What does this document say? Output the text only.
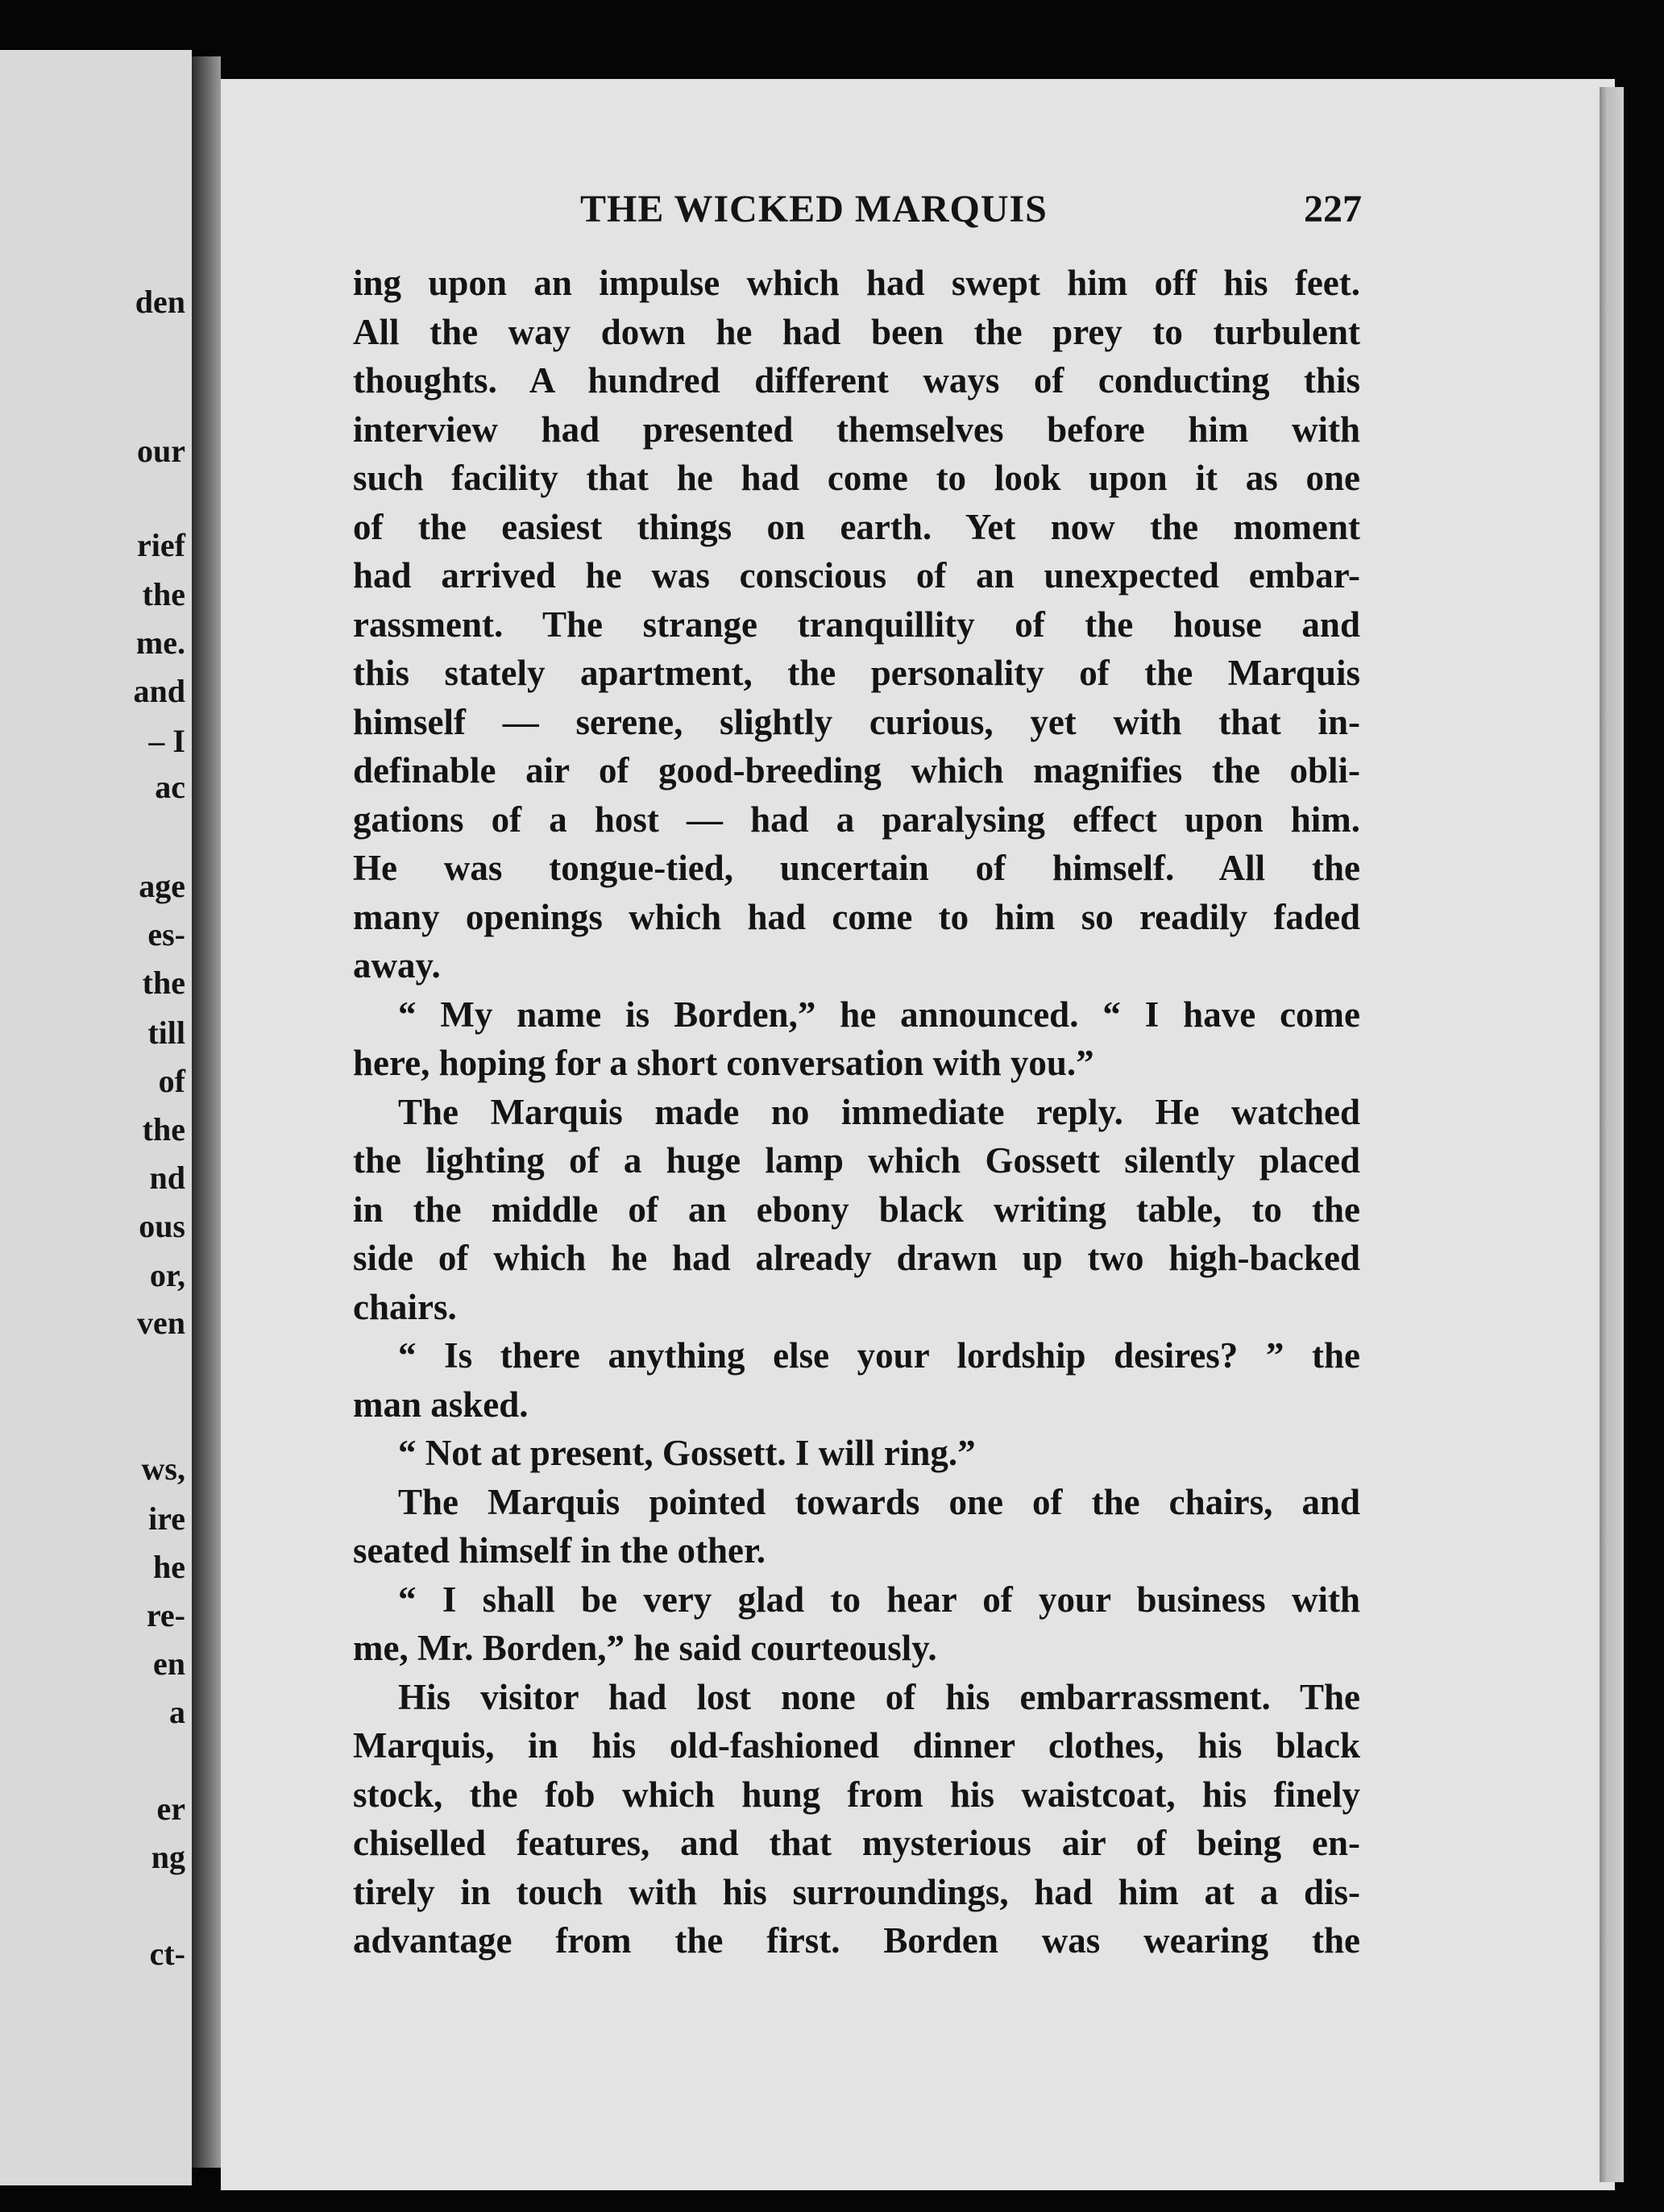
den
our
rief
the
me.
and
– I
ac
age
es-
the
till
of
the
nd
ous
or,
ven
ws,
ire
he
re-
en
a
er
ng
ct-
THE WICKED MARQUIS	227
ing upon an impulse which had swept him off his feet.
All the way down he had been the prey to turbulent
thoughts. A hundred different ways of conducting this
interview had presented themselves before him with
such facility that he had come to look upon it as one
of the easiest things on earth. Yet now the moment
had arrived he was conscious of an unexpected embar-
rassment. The strange tranquillity of the house and
this stately apartment, the personality of the Marquis
himself — serene, slightly curious, yet with that in-
definable air of good-breeding which magnifies the obli-
gations of a host — had a paralysing effect upon him.
He was tongue-tied, uncertain of himself. All the
many openings which had come to him so readily faded
away.
“ My name is Borden,” he announced. “ I have come
here, hoping for a short conversation with you.”
The Marquis made no immediate reply. He watched
the lighting of a huge lamp which Gossett silently placed
in the middle of an ebony black writing table, to the
side of which he had already drawn up two high-backed
chairs.
“ Is there anything else your lordship desires? ” the
man asked.
“ Not at present, Gossett. I will ring.”
The Marquis pointed towards one of the chairs, and
seated himself in the other.
“ I shall be very glad to hear of your business with
me, Mr. Borden,” he said courteously.
His visitor had lost none of his embarrassment. The
Marquis, in his old-fashioned dinner clothes, his black
stock, the fob which hung from his waistcoat, his finely
chiselled features, and that mysterious air of being en-
tirely in touch with his surroundings, had him at a dis-
advantage from the first. Borden was wearing the
